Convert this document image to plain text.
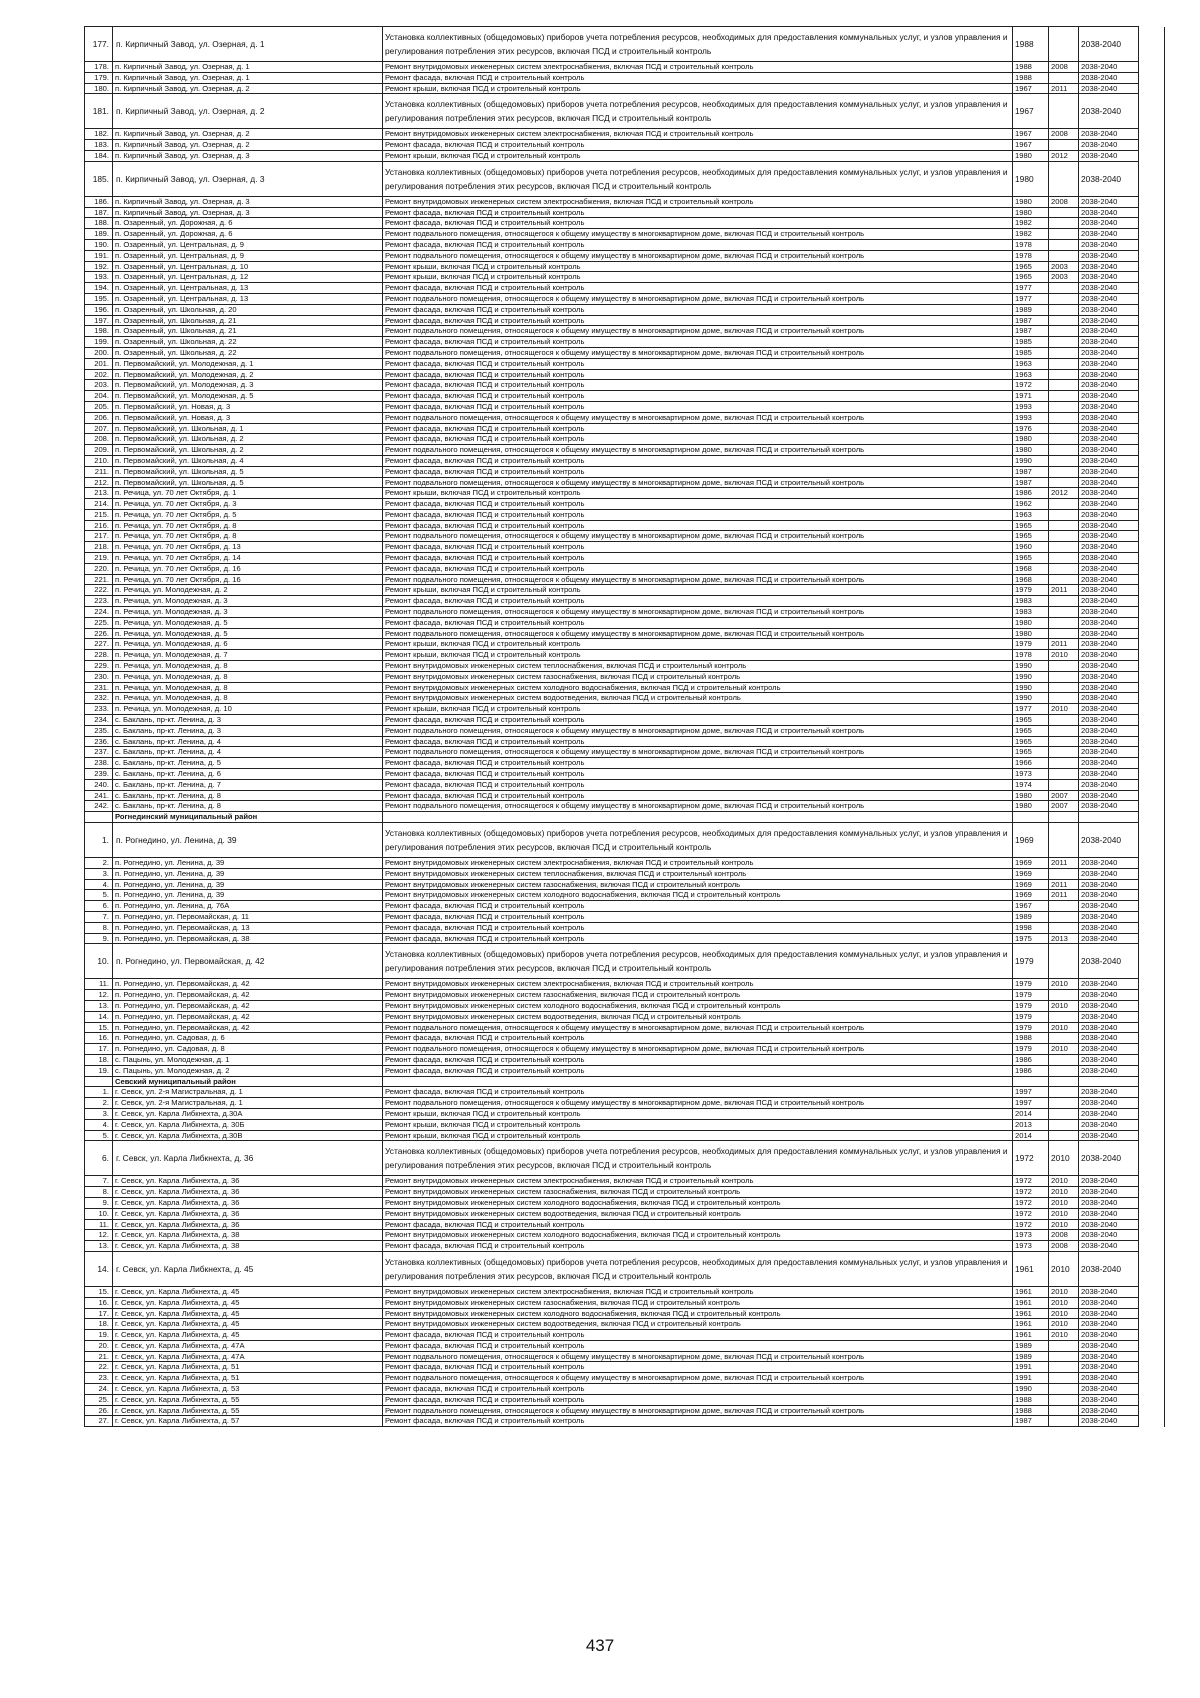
177.	п. Кирпичный Завод, ул. Озерная, д. 1	Установка коллективных (общедомовых) приборов учета потребления ресурсов, необходимых для предоставления коммунальных услуг, и узлов управления и регулирования потребления этих ресурсов, включая ПСД и строительный контроль	1988		2038-2040	
178.	п. Кирпичный Завод, ул. Озерная, д. 1	Ремонт внутридомовых инженерных систем электроснабжения, включая ПСД и строительный контроль	1988	2008	2038-2040	
179.	п. Кирпичный Завод, ул. Озерная, д. 1	Ремонт фасада, включая ПСД и строительный контроль	1988		2038-2040	
180.	п. Кирпичный Завод, ул. Озерная, д. 2	Ремонт крыши, включая ПСД и строительный контроль	1967	2011	2038-2040	
181.	п. Кирпичный Завод, ул. Озерная, д. 2	Установка коллективных (общедомовых) приборов учета потребления ресурсов, необходимых для предоставления коммунальных услуг, и узлов управления и регулирования потребления этих ресурсов, включая ПСД и строительный контроль	1967		2038-2040	
182.	п. Кирпичный Завод, ул. Озерная, д. 2	Ремонт внутридомовых инженерных систем электроснабжения, включая ПСД и строительный контроль	1967	2008	2038-2040	
183.	п. Кирпичный Завод, ул. Озерная, д. 2	Ремонт фасада, включая ПСД и строительный контроль	1967		2038-2040	
184.	п. Кирпичный Завод, ул. Озерная, д. 3	Ремонт крыши, включая ПСД и строительный контроль	1980	2012	2038-2040	
185.	п. Кирпичный Завод, ул. Озерная, д. 3	Установка коллективных (общедомовых) приборов учета потребления ресурсов, необходимых для предоставления коммунальных услуг, и узлов управления и регулирования потребления этих ресурсов, включая ПСД и строительный контроль	1980		2038-2040	
186.	п. Кирпичный Завод, ул. Озерная, д. 3	Ремонт внутридомовых инженерных систем электроснабжения, включая ПСД и строительный контроль	1980	2008	2038-2040	
187.	п. Кирпичный Завод, ул. Озерная, д. 3	Ремонт фасада, включая ПСД и строительный контроль	1980		2038-2040	
188.	п. Озаренный, ул. Дорожная, д. 6	Ремонт фасада, включая ПСД и строительный контроль	1982		2038-2040	
189.	п. Озаренный, ул. Дорожная, д. 6	Ремонт подвального помещения, относящегося к общему имуществу в многоквартирном доме, включая ПСД и строительный контроль	1982		2038-2040	
190.	п. Озаренный, ул. Центральная, д. 9	Ремонт фасада, включая ПСД и строительный контроль	1978		2038-2040	
191.	п. Озаренный, ул. Центральная, д. 9	Ремонт подвального помещения, относящегося к общему имуществу в многоквартирном доме, включая ПСД и строительный контроль	1978		2038-2040	
192.	п. Озаренный, ул. Центральная, д. 10	Ремонт крыши, включая ПСД и строительный контроль	1965	2003	2038-2040	
193.	п. Озаренный, ул. Центральная, д. 12	Ремонт крыши, включая ПСД и строительный контроль	1965	2003	2038-2040	
194.	п. Озаренный, ул. Центральная, д. 13	Ремонт фасада, включая ПСД и строительный контроль	1977		2038-2040	
195.	п. Озаренный, ул. Центральная, д. 13	Ремонт подвального помещения, относящегося к общему имуществу в многоквартирном доме, включая ПСД и строительный контроль	1977		2038-2040	
196.	п. Озаренный, ул. Школьная, д. 20	Ремонт фасада, включая ПСД и строительный контроль	1989		2038-2040	
197.	п. Озаренный, ул. Школьная, д. 21	Ремонт фасада, включая ПСД и строительный контроль	1987		2038-2040	
198.	п. Озаренный, ул. Школьная, д. 21	Ремонт подвального помещения, относящегося к общему имуществу в многоквартирном доме, включая ПСД и строительный контроль	1987		2038-2040	
199.	п. Озаренный, ул. Школьная, д. 22	Ремонт фасада, включая ПСД и строительный контроль	1985		2038-2040	
200.	п. Озаренный, ул. Школьная, д. 22	Ремонт подвального помещения, относящегося к общему имуществу в многоквартирном доме, включая ПСД и строительный контроль	1985		2038-2040	
201.	п. Первомайский, ул. Молодежная, д. 1	Ремонт фасада, включая ПСД и строительный контроль	1963		2038-2040	
202.	п. Первомайский, ул. Молодежная, д. 2	Ремонт фасада, включая ПСД и строительный контроль	1963		2038-2040	
203.	п. Первомайский, ул. Молодежная, д. 3	Ремонт фасада, включая ПСД и строительный контроль	1972		2038-2040	
204.	п. Первомайский, ул. Молодежная, д. 5	Ремонт фасада, включая ПСД и строительный контроль	1971		2038-2040	
205.	п. Первомайский, ул. Новая, д. 3	Ремонт фасада, включая ПСД и строительный контроль	1993		2038-2040	
206.	п. Первомайский, ул. Новая, д. 3	Ремонт подвального помещения, относящегося к общему имуществу в многоквартирном доме, включая ПСД и строительный контроль	1993		2038-2040	
207.	п. Первомайский, ул. Школьная, д. 1	Ремонт фасада, включая ПСД и строительный контроль	1976		2038-2040	
208.	п. Первомайский, ул. Школьная, д. 2	Ремонт фасада, включая ПСД и строительный контроль	1980		2038-2040	
209.	п. Первомайский, ул. Школьная, д. 2	Ремонт подвального помещения, относящегося к общему имуществу в многоквартирном доме, включая ПСД и строительный контроль	1980		2038-2040	
210.	п. Первомайский, ул. Школьная, д. 4	Ремонт фасада, включая ПСД и строительный контроль	1990		2038-2040	
211.	п. Первомайский, ул. Школьная, д. 5	Ремонт фасада, включая ПСД и строительный контроль	1987		2038-2040	
212.	п. Первомайский, ул. Школьная, д. 5	Ремонт подвального помещения, относящегося к общему имуществу в многоквартирном доме, включая ПСД и строительный контроль	1987		2038-2040	
213.	п. Речица, ул. 70 лет Октября, д. 1	Ремонт крыши, включая ПСД и строительный контроль	1986	2012	2038-2040	
214.	п. Речица, ул. 70 лет Октября, д. 3	Ремонт фасада, включая ПСД и строительный контроль	1962		2038-2040	
215.	п. Речица, ул. 70 лет Октября, д. 5	Ремонт фасада, включая ПСД и строительный контроль	1963		2038-2040	
216.	п. Речица, ул. 70 лет Октября, д. 8	Ремонт фасада, включая ПСД и строительный контроль	1965		2038-2040	
217.	п. Речица, ул. 70 лет Октября, д. 8	Ремонт подвального помещения, относящегося к общему имуществу в многоквартирном доме, включая ПСД и строительный контроль	1965		2038-2040	
218.	п. Речица, ул. 70 лет Октября, д. 13	Ремонт фасада, включая ПСД и строительный контроль	1960		2038-2040	
219.	п. Речица, ул. 70 лет Октября, д. 14	Ремонт фасада, включая ПСД и строительный контроль	1965		2038-2040	
220.	п. Речица, ул. 70 лет Октября, д. 16	Ремонт фасада, включая ПСД и строительный контроль	1968		2038-2040	
221.	п. Речица, ул. 70 лет Октября, д. 16	Ремонт подвального помещения, относящегося к общему имуществу в многоквартирном доме, включая ПСД и строительный контроль	1968		2038-2040	
222.	п. Речица, ул. Молодежная, д. 2	Ремонт крыши, включая ПСД и строительный контроль	1979	2011	2038-2040	
223.	п. Речица, ул. Молодежная, д. 3	Ремонт фасада, включая ПСД и строительный контроль	1983		2038-2040	
224.	п. Речица, ул. Молодежная, д. 3	Ремонт подвального помещения, относящегося к общему имуществу в многоквартирном доме, включая ПСД и строительный контроль	1983		2038-2040	
225.	п. Речица, ул. Молодежная, д. 5	Ремонт фасада, включая ПСД и строительный контроль	1980		2038-2040	
226.	п. Речица, ул. Молодежная, д. 5	Ремонт подвального помещения, относящегося к общему имуществу в многоквартирном доме, включая ПСД и строительный контроль	1980		2038-2040	
227.	п. Речица, ул. Молодежная, д. 6	Ремонт крыши, включая ПСД и строительный контроль	1979	2011	2038-2040	
228.	п. Речица, ул. Молодежная, д. 7	Ремонт крыши, включая ПСД и строительный контроль	1978	2010	2038-2040	
229.	п. Речица, ул. Молодежная, д. 8	Ремонт внутридомовых инженерных систем теплоснабжения, включая ПСД и строительный контроль	1990		2038-2040	
230.	п. Речица, ул. Молодежная, д. 8	Ремонт внутридомовых инженерных систем газоснабжения, включая ПСД и строительный контроль	1990		2038-2040	
231.	п. Речица, ул. Молодежная, д. 8	Ремонт внутридомовых инженерных систем холодного водоснабжения, включая ПСД и строительный контроль	1990		2038-2040	
232.	п. Речица, ул. Молодежная, д. 8	Ремонт внутридомовых инженерных систем водоотведения, включая ПСД и строительный контроль	1990		2038-2040	
233.	п. Речица, ул. Молодежная, д. 10	Ремонт крыши, включая ПСД и строительный контроль	1977	2010	2038-2040	
234.	с. Баклань, пр-кт. Ленина, д. 3	Ремонт фасада, включая ПСД и строительный контроль	1965		2038-2040	
235.	с. Баклань, пр-кт. Ленина, д. 3	Ремонт подвального помещения, относящегося к общему имуществу в многоквартирном доме, включая ПСД и строительный контроль	1965		2038-2040	
236.	с. Баклань, пр-кт. Ленина, д. 4	Ремонт фасада, включая ПСД и строительный контроль	1965		2038-2040	
237.	с. Баклань, пр-кт. Ленина, д. 4	Ремонт подвального помещения, относящегося к общему имуществу в многоквартирном доме, включая ПСД и строительный контроль	1965		2038-2040	
238.	с. Баклань, пр-кт. Ленина, д. 5	Ремонт фасада, включая ПСД и строительный контроль	1966		2038-2040	
239.	с. Баклань, пр-кт. Ленина, д. 6	Ремонт фасада, включая ПСД и строительный контроль	1973		2038-2040	
240.	с. Баклань, пр-кт. Ленина, д. 7	Ремонт фасада, включая ПСД и строительный контроль	1974		2038-2040	
241.	с. Баклань, пр-кт. Ленина, д. 8	Ремонт фасада, включая ПСД и строительный контроль	1980	2007	2038-2040	
242.	с. Баклань, пр-кт. Ленина, д. 8	Ремонт подвального помещения, относящегося к общему имуществу в многоквартирном доме, включая ПСД и строительный контроль	1980	2007	2038-2040	
	Рогнединский муниципальный район					
1.	п. Рогнедино, ул. Ленина, д. 39	Установка коллективных (общедомовых) приборов учета потребления ресурсов, необходимых для предоставления коммунальных услуг, и узлов управления и регулирования потребления этих ресурсов, включая ПСД и строительный контроль	1969		2038-2040	
2.	п. Рогнедино, ул. Ленина, д. 39	Ремонт внутридомовых инженерных систем электроснабжения, включая ПСД и строительный контроль	1969	2011	2038-2040	
3.	п. Рогнедино, ул. Ленина, д. 39	Ремонт внутридомовых инженерных систем теплоснабжения, включая ПСД и строительный контроль	1969		2038-2040	
4.	п. Рогнедино, ул. Ленина, д. 39	Ремонт внутридомовых инженерных систем газоснабжения, включая ПСД и строительный контроль	1969	2011	2038-2040	
5.	п. Рогнедино, ул. Ленина, д. 39	Ремонт внутридомовых инженерных систем холодного водоснабжения, включая ПСД и строительный контроль	1969	2011	2038-2040	
6.	п. Рогнедино, ул. Ленина, д. 76А	Ремонт фасада, включая ПСД и строительный контроль	1967		2038-2040	
7.	п. Рогнедино, ул. Первомайская, д. 11	Ремонт фасада, включая ПСД и строительный контроль	1989		2038-2040	
8.	п. Рогнедино, ул. Первомайская, д. 13	Ремонт фасада, включая ПСД и строительный контроль	1998		2038-2040	
9.	п. Рогнедино, ул. Первомайская, д. 38	Ремонт фасада, включая ПСД и строительный контроль	1975	2013	2038-2040	
10.	п. Рогнедино, ул. Первомайская, д. 42	Установка коллективных (общедомовых) приборов учета потребления ресурсов, необходимых для предоставления коммунальных услуг, и узлов управления и регулирования потребления этих ресурсов, включая ПСД и строительный контроль	1979		2038-2040	
11.	п. Рогнедино, ул. Первомайская, д. 42	Ремонт внутридомовых инженерных систем электроснабжения, включая ПСД и строительный контроль	1979	2010	2038-2040	
12.	п. Рогнедино, ул. Первомайская, д. 42	Ремонт внутридомовых инженерных систем газоснабжения, включая ПСД и строительный контроль	1979		2038-2040	
13.	п. Рогнедино, ул. Первомайская, д. 42	Ремонт внутридомовых инженерных систем холодного водоснабжения, включая ПСД и строительный контроль	1979	2010	2038-2040	
14.	п. Рогнедино, ул. Первомайская, д. 42	Ремонт внутридомовых инженерных систем водоотведения, включая ПСД и строительный контроль	1979		2038-2040	
15.	п. Рогнедино, ул. Первомайская, д. 42	Ремонт подвального помещения, относящегося к общему имуществу в многоквартирном доме, включая ПСД и строительный контроль	1979	2010	2038-2040	
16.	п. Рогнедино, ул. Садовая, д. 6	Ремонт фасада, включая ПСД и строительный контроль	1988		2038-2040	
17.	п. Рогнедино, ул. Садовая, д. 8	Ремонт подвального помещения, относящегося к общему имуществу в многоквартирном доме, включая ПСД и строительный контроль	1979	2010	2038-2040	
18.	с. Пацынь, ул. Молодежная, д. 1	Ремонт фасада, включая ПСД и строительный контроль	1986		2038-2040	
19.	с. Пацынь, ул. Молодежная, д. 2	Ремонт фасада, включая ПСД и строительный контроль	1986		2038-2040	
	Севский муниципальный район					
1.	г. Севск, ул. 2-я Магистральная, д. 1	Ремонт фасада, включая ПСД и строительный контроль	1997		2038-2040	
2.	г. Севск, ул. 2-я Магистральная, д. 1	Ремонт подвального помещения, относящегося к общему имуществу в многоквартирном доме, включая ПСД и строительный контроль	1997		2038-2040	
3.	г. Севск, ул. Карла Либкнехта, д.30А	Ремонт крыши, включая ПСД и строительный контроль	2014		2038-2040	
4.	г. Севск, ул. Карла Либкнехта, д. 30Б	Ремонт крыши, включая ПСД и строительный контроль	2013		2038-2040	
5.	г. Севск, ул. Карла Либкнехта, д.30В	Ремонт крыши, включая ПСД и строительный контроль	2014		2038-2040	
6.	г. Севск, ул. Карла Либкнехта, д. 36	Установка коллективных (общедомовых) приборов учета потребления ресурсов, необходимых для предоставления коммунальных услуг, и узлов управления и регулирования потребления этих ресурсов, включая ПСД и строительный контроль	1972	2010	2038-2040	
7.	г. Севск, ул. Карла Либкнехта, д. 36	Ремонт внутридомовых инженерных систем электроснабжения, включая ПСД и строительный контроль	1972	2010	2038-2040	
8.	г. Севск, ул. Карла Либкнехта, д. 36	Ремонт внутридомовых инженерных систем газоснабжения, включая ПСД и строительный контроль	1972	2010	2038-2040	
9.	г. Севск, ул. Карла Либкнехта, д. 36	Ремонт внутридомовых инженерных систем холодного водоснабжения, включая ПСД и строительный контроль	1972	2010	2038-2040	
10.	г. Севск, ул. Карла Либкнехта, д. 36	Ремонт внутридомовых инженерных систем водоотведения, включая ПСД и строительный контроль	1972	2010	2038-2040	
11.	г. Севск, ул. Карла Либкнехта, д. 36	Ремонт фасада, включая ПСД и строительный контроль	1972	2010	2038-2040	
12.	г. Севск, ул. Карла Либкнехта, д. 38	Ремонт внутридомовых инженерных систем холодного водоснабжения, включая ПСД и строительный контроль	1973	2008	2038-2040	
13.	г. Севск, ул. Карла Либкнехта, д. 38	Ремонт фасада, включая ПСД и строительный контроль	1973	2008	2038-2040	
14.	г. Севск, ул. Карла Либкнехта, д. 45	Установка коллективных (общедомовых) приборов учета потребления ресурсов, необходимых для предоставления коммунальных услуг, и узлов управления и регулирования потребления этих ресурсов, включая ПСД и строительный контроль	1961	2010	2038-2040	
15.	г. Севск, ул. Карла Либкнехта, д. 45	Ремонт внутридомовых инженерных систем электроснабжения, включая ПСД и строительный контроль	1961	2010	2038-2040	
16.	г. Севск, ул. Карла Либкнехта, д. 45	Ремонт внутридомовых инженерных систем газоснабжения, включая ПСД и строительный контроль	1961	2010	2038-2040	
17.	г. Севск, ул. Карла Либкнехта, д. 45	Ремонт внутридомовых инженерных систем холодного водоснабжения, включая ПСД и строительный контроль	1961	2010	2038-2040	
18.	г. Севск, ул. Карла Либкнехта, д. 45	Ремонт внутридомовых инженерных систем водоотведения, включая ПСД и строительный контроль	1961	2010	2038-2040	
19.	г. Севск, ул. Карла Либкнехта, д. 45	Ремонт фасада, включая ПСД и строительный контроль	1961	2010	2038-2040	
20.	г. Севск, ул. Карла Либкнехта, д. 47А	Ремонт фасада, включая ПСД и строительный контроль	1989		2038-2040	
21.	г. Севск, ул. Карла Либкнехта, д. 47А	Ремонт подвального помещения, относящегося к общему имуществу в многоквартирном доме, включая ПСД и строительный контроль	1989		2038-2040	
22.	г. Севск, ул. Карла Либкнехта, д. 51	Ремонт фасада, включая ПСД и строительный контроль	1991		2038-2040	
23.	г. Севск, ул. Карла Либкнехта, д. 51	Ремонт подвального помещения, относящегося к общему имуществу в многоквартирном доме, включая ПСД и строительный контроль	1991		2038-2040	
24.	г. Севск, ул. Карла Либкнехта, д. 53	Ремонт фасада, включая ПСД и строительный контроль	1990		2038-2040	
25.	г. Севск, ул. Карла Либкнехта, д. 55	Ремонт фасада, включая ПСД и строительный контроль	1988		2038-2040	
26.	г. Севск, ул. Карла Либкнехта, д. 55	Ремонт подвального помещения, относящегося к общему имуществу в многоквартирном доме, включая ПСД и строительный контроль	1988		2038-2040	
27.	г. Севск, ул. Карла Либкнехта, д. 57	Ремонт фасада, включая ПСД и строительный контроль	1987		2038-2040	
437
